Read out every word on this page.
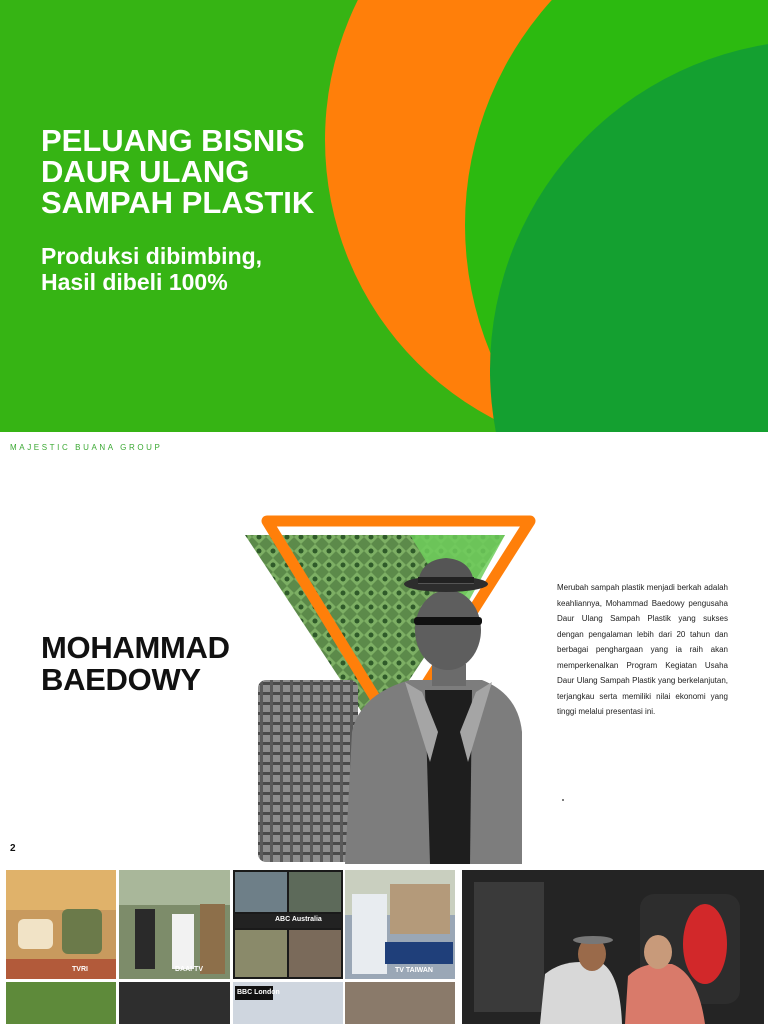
PELUANG BISNIS
DAUR ULANG
SAMPAH PLASTIK
Produksi dibimbing,
Hasil dibeli 100%
MAJESTIC BUANA GROUP
MOHAMMAD
BAEDOWY

Merubah sampah plastik menjadi berkah adalah keahliannya, Mohammad Baedowy pengusaha Daur Ulang Sampah Plastik yang sukses dengan pengalaman lebih dari 20 tahun dan berbagai penghargaan yang ia raih akan memperkenalkan Program Kegiatan Usaha Daur Ulang Sampah Plastik yang berkelanjutan, terjangkau serta memiliki nilai ekonomi yang tinggi melalui presentasi ini.

2
TVRI	DAAI TV
ABC Australia
TV TAIWAN
BBC London
